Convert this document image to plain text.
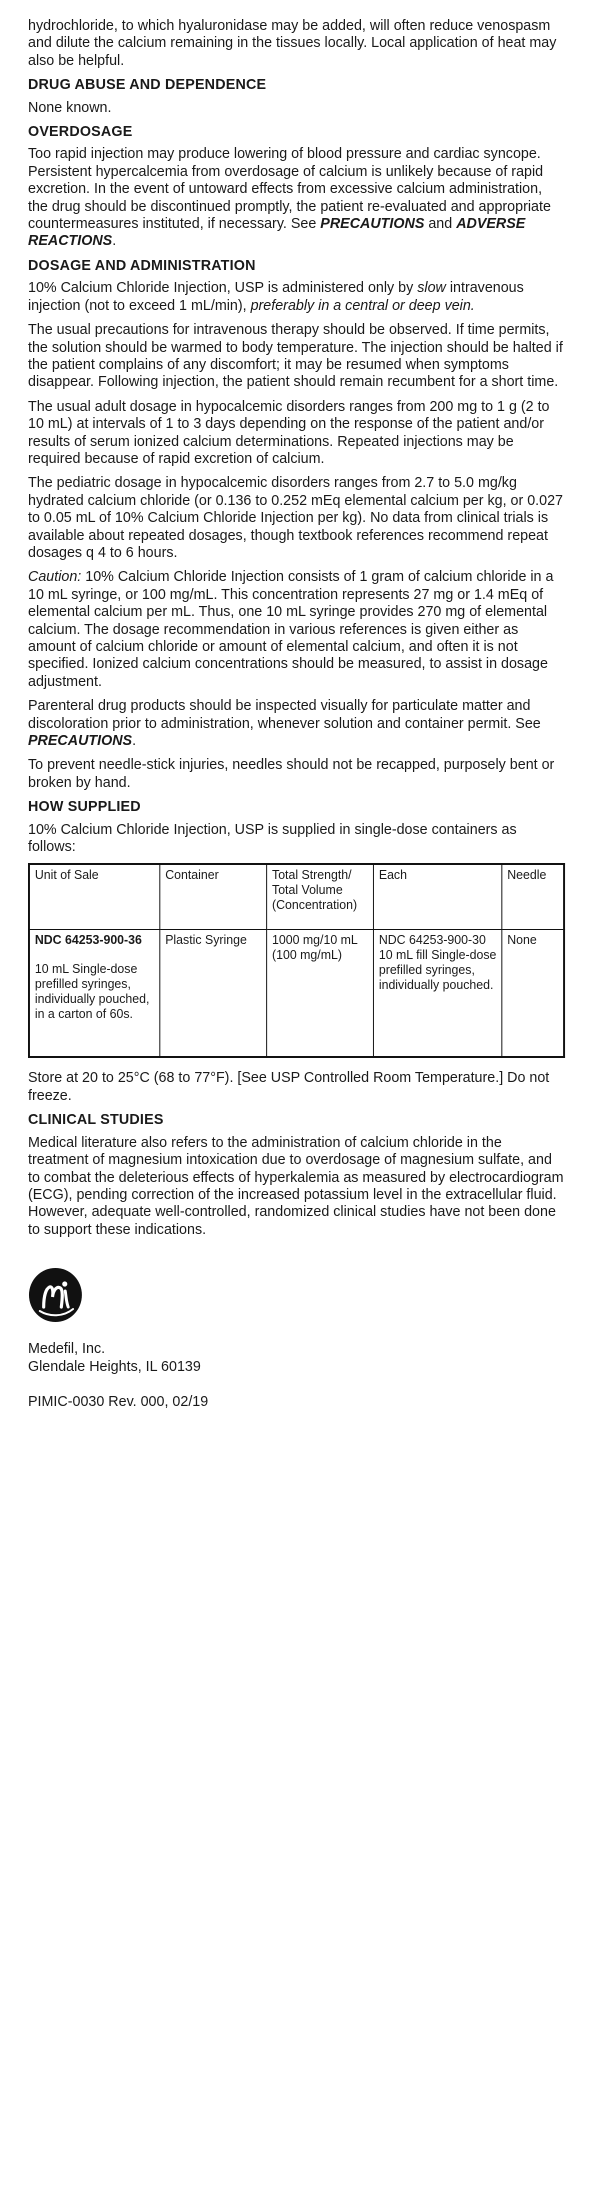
hydrochloride, to which hyaluronidase may be added, will often reduce venospasm and dilute the calcium remaining in the tissues locally. Local application of heat may also be helpful.

DRUG ABUSE AND DEPENDENCE

None known.

OVERDOSAGE

Too rapid injection may produce lowering of blood pressure and cardiac syncope. Persistent hypercalcemia from overdosage of calcium is unlikely because of rapid excretion. In the event of untoward effects from excessive calcium administration, the drug should be discontinued promptly, the patient re-evaluated and appropriate countermeasures instituted, if necessary. See PRECAUTIONS and ADVERSE REACTIONS.

DOSAGE AND ADMINISTRATION

10% Calcium Chloride Injection, USP is administered only by slow intravenous injection (not to exceed 1 mL/min), preferably in a central or deep vein.

The usual precautions for intravenous therapy should be observed. If time permits, the solution should be warmed to body temperature. The injection should be halted if the patient complains of any discomfort; it may be resumed when symptoms disappear. Following injection, the patient should remain recumbent for a short time.

The usual adult dosage in hypocalcemic disorders ranges from 200 mg to 1 g (2 to 10 mL) at intervals of 1 to 3 days depending on the response of the patient and/or results of serum ionized calcium determinations. Repeated injections may be required because of rapid excretion of calcium.

The pediatric dosage in hypocalcemic disorders ranges from 2.7 to 5.0 mg/kg hydrated calcium chloride (or 0.136 to 0.252 mEq elemental calcium per kg, or 0.027 to 0.05 mL of 10% Calcium Chloride Injection per kg). No data from clinical trials is available about repeated dosages, though textbook references recommend repeat dosages q 4 to 6 hours.

Caution: 10% Calcium Chloride Injection consists of 1 gram of calcium chloride in a 10 mL syringe, or 100 mg/mL. This concentration represents 27 mg or 1.4 mEq of elemental calcium per mL. Thus, one 10 mL syringe provides 270 mg of elemental calcium. The dosage recommendation in various references is given either as amount of calcium chloride or amount of elemental calcium, and often it is not specified. Ionized calcium concentrations should be measured, to assist in dosage adjustment.

Parenteral drug products should be inspected visually for particulate matter and discoloration prior to administration, whenever solution and container permit. See PRECAUTIONS.

To prevent needle-stick injuries, needles should not be recapped, purposely bent or broken by hand.

HOW SUPPLIED

10% Calcium Chloride Injection, USP is supplied in single-dose containers as follows:

Unit of Sale	Container	Total Strength/ Total Volume (Concentration)	Each	Needle

NDC 64253-900-36
10 mL Single-dose prefilled syringes, individually pouched, in a carton of 60s.	Plastic Syringe	1000 mg/10 mL (100 mg/mL)	NDC 64253-900-30 10 mL fill Single-dose prefilled syringes, individually pouched.	None

Store at 20 to 25°C (68 to 77°F). [See USP Controlled Room Temperature.] Do not freeze.

CLINICAL STUDIES

Medical literature also refers to the administration of calcium chloride in the treatment of magnesium intoxication due to overdosage of magnesium sulfate, and to combat the deleterious effects of hyperkalemia as measured by electrocardiogram (ECG), pending correction of the increased potassium level in the extracellular fluid. However, adequate well-controlled, randomized clinical studies have not been done to support these indications.

Medefil, Inc.

Glendale Heights, IL 60139

PIMIC-0030 Rev. 000, 02/19
